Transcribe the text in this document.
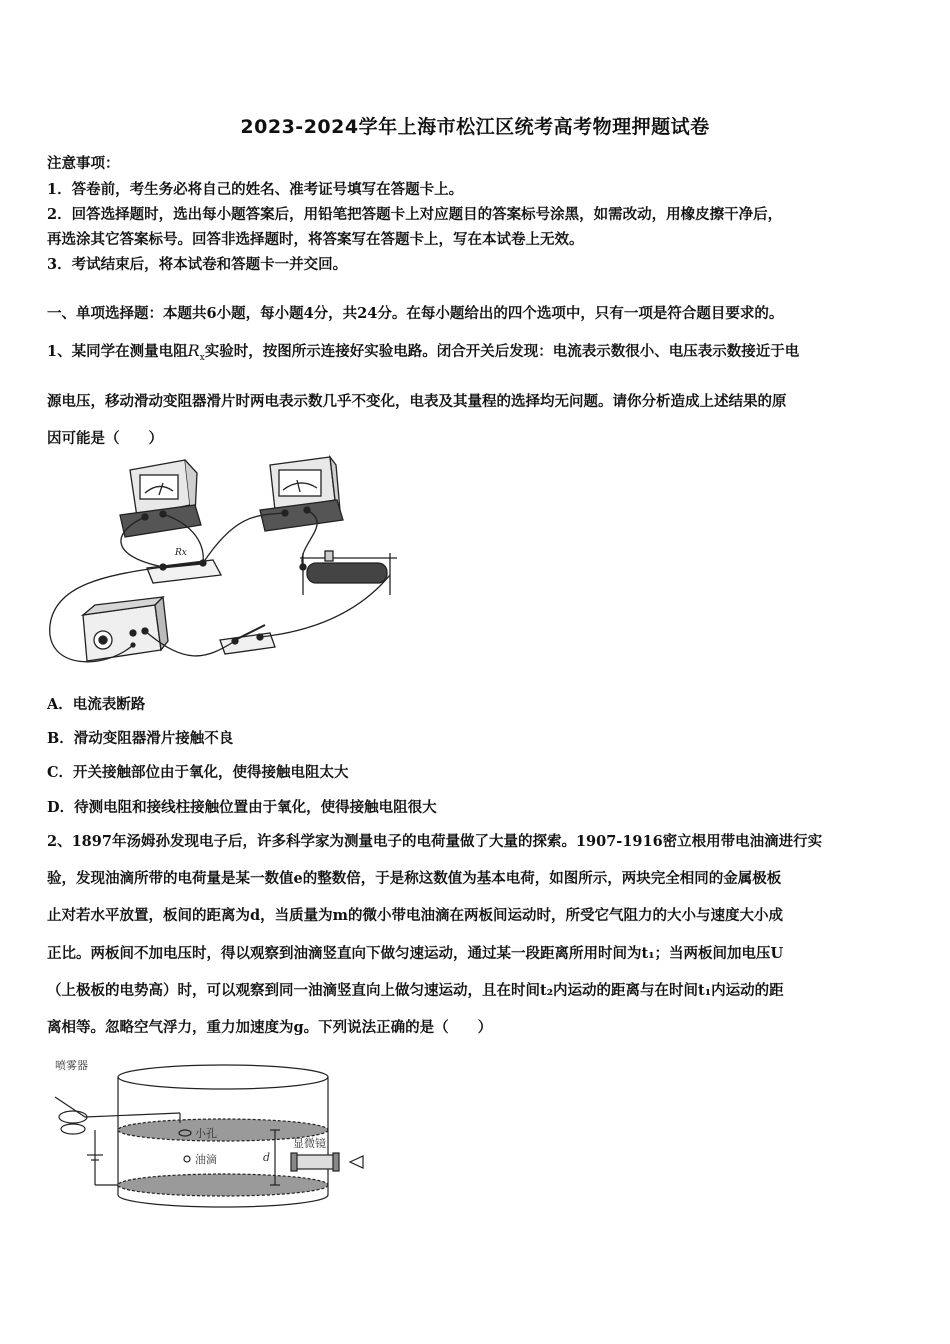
2023-2024学年上海市松江区统考高考物理押题试卷
注意事项：
1．答卷前，考生务必将自己的姓名、准考证号填写在答题卡上。
2．回答选择题时，选出每小题答案后，用铅笔把答题卡上对应题目的答案标号涂黑，如需改动，用橡皮擦干净后，
再选涂其它答案标号。回答非选择题时，将答案写在答题卡上，写在本试卷上无效。
3．考试结束后，将本试卷和答题卡一并交回。
一、单项选择题：本题共6小题，每小题4分，共24分。在每小题给出的四个选项中，只有一项是符合题目要求的。
1、某同学在测量电阻$R_x$实验时，按图所示连接好实验电路。闭合开关后发现：电流表示数很小、电压表示数接近于电
源电压，移动滑动变阻器滑片时两电表示数几乎不变化，电表及其量程的选择均无问题。请你分析造成上述结果的原
因可能是（　　）
Rx
A．电流表断路
B．滑动变阻器滑片接触不良
C．开关接触部位由于氧化，使得接触电阻太大
D．待测电阻和接线柱接触位置由于氧化，使得接触电阻很大
2、1897年汤姆孙发现电子后，许多科学家为测量电子的电荷量做了大量的探索。1907-1916密立根用带电油滴进行实
验，发现油滴所带的电荷量是某一数值e的整数倍，于是称这数值为基本电荷，如图所示，两块完全相同的金属极板
止对若水平放置，板间的距离为d，当质量为m的微小带电油滴在两板间运动时，所受它气阻力的大小与速度大小成
正比。两板间不加电压时，得以观察到油滴竖直向下做匀速运动，通过某一段距离所用时间为t₁；当两板间加电压U
（上极板的电势高）时，可以观察到同一油滴竖直向上做匀速运动，且在时间t₂内运动的距离与在时间t₁内运动的距
离相等。忽略空气浮力，重力加速度为g。下列说法正确的是（　　）
喷雾器
小孔
油滴	d
显微镜
